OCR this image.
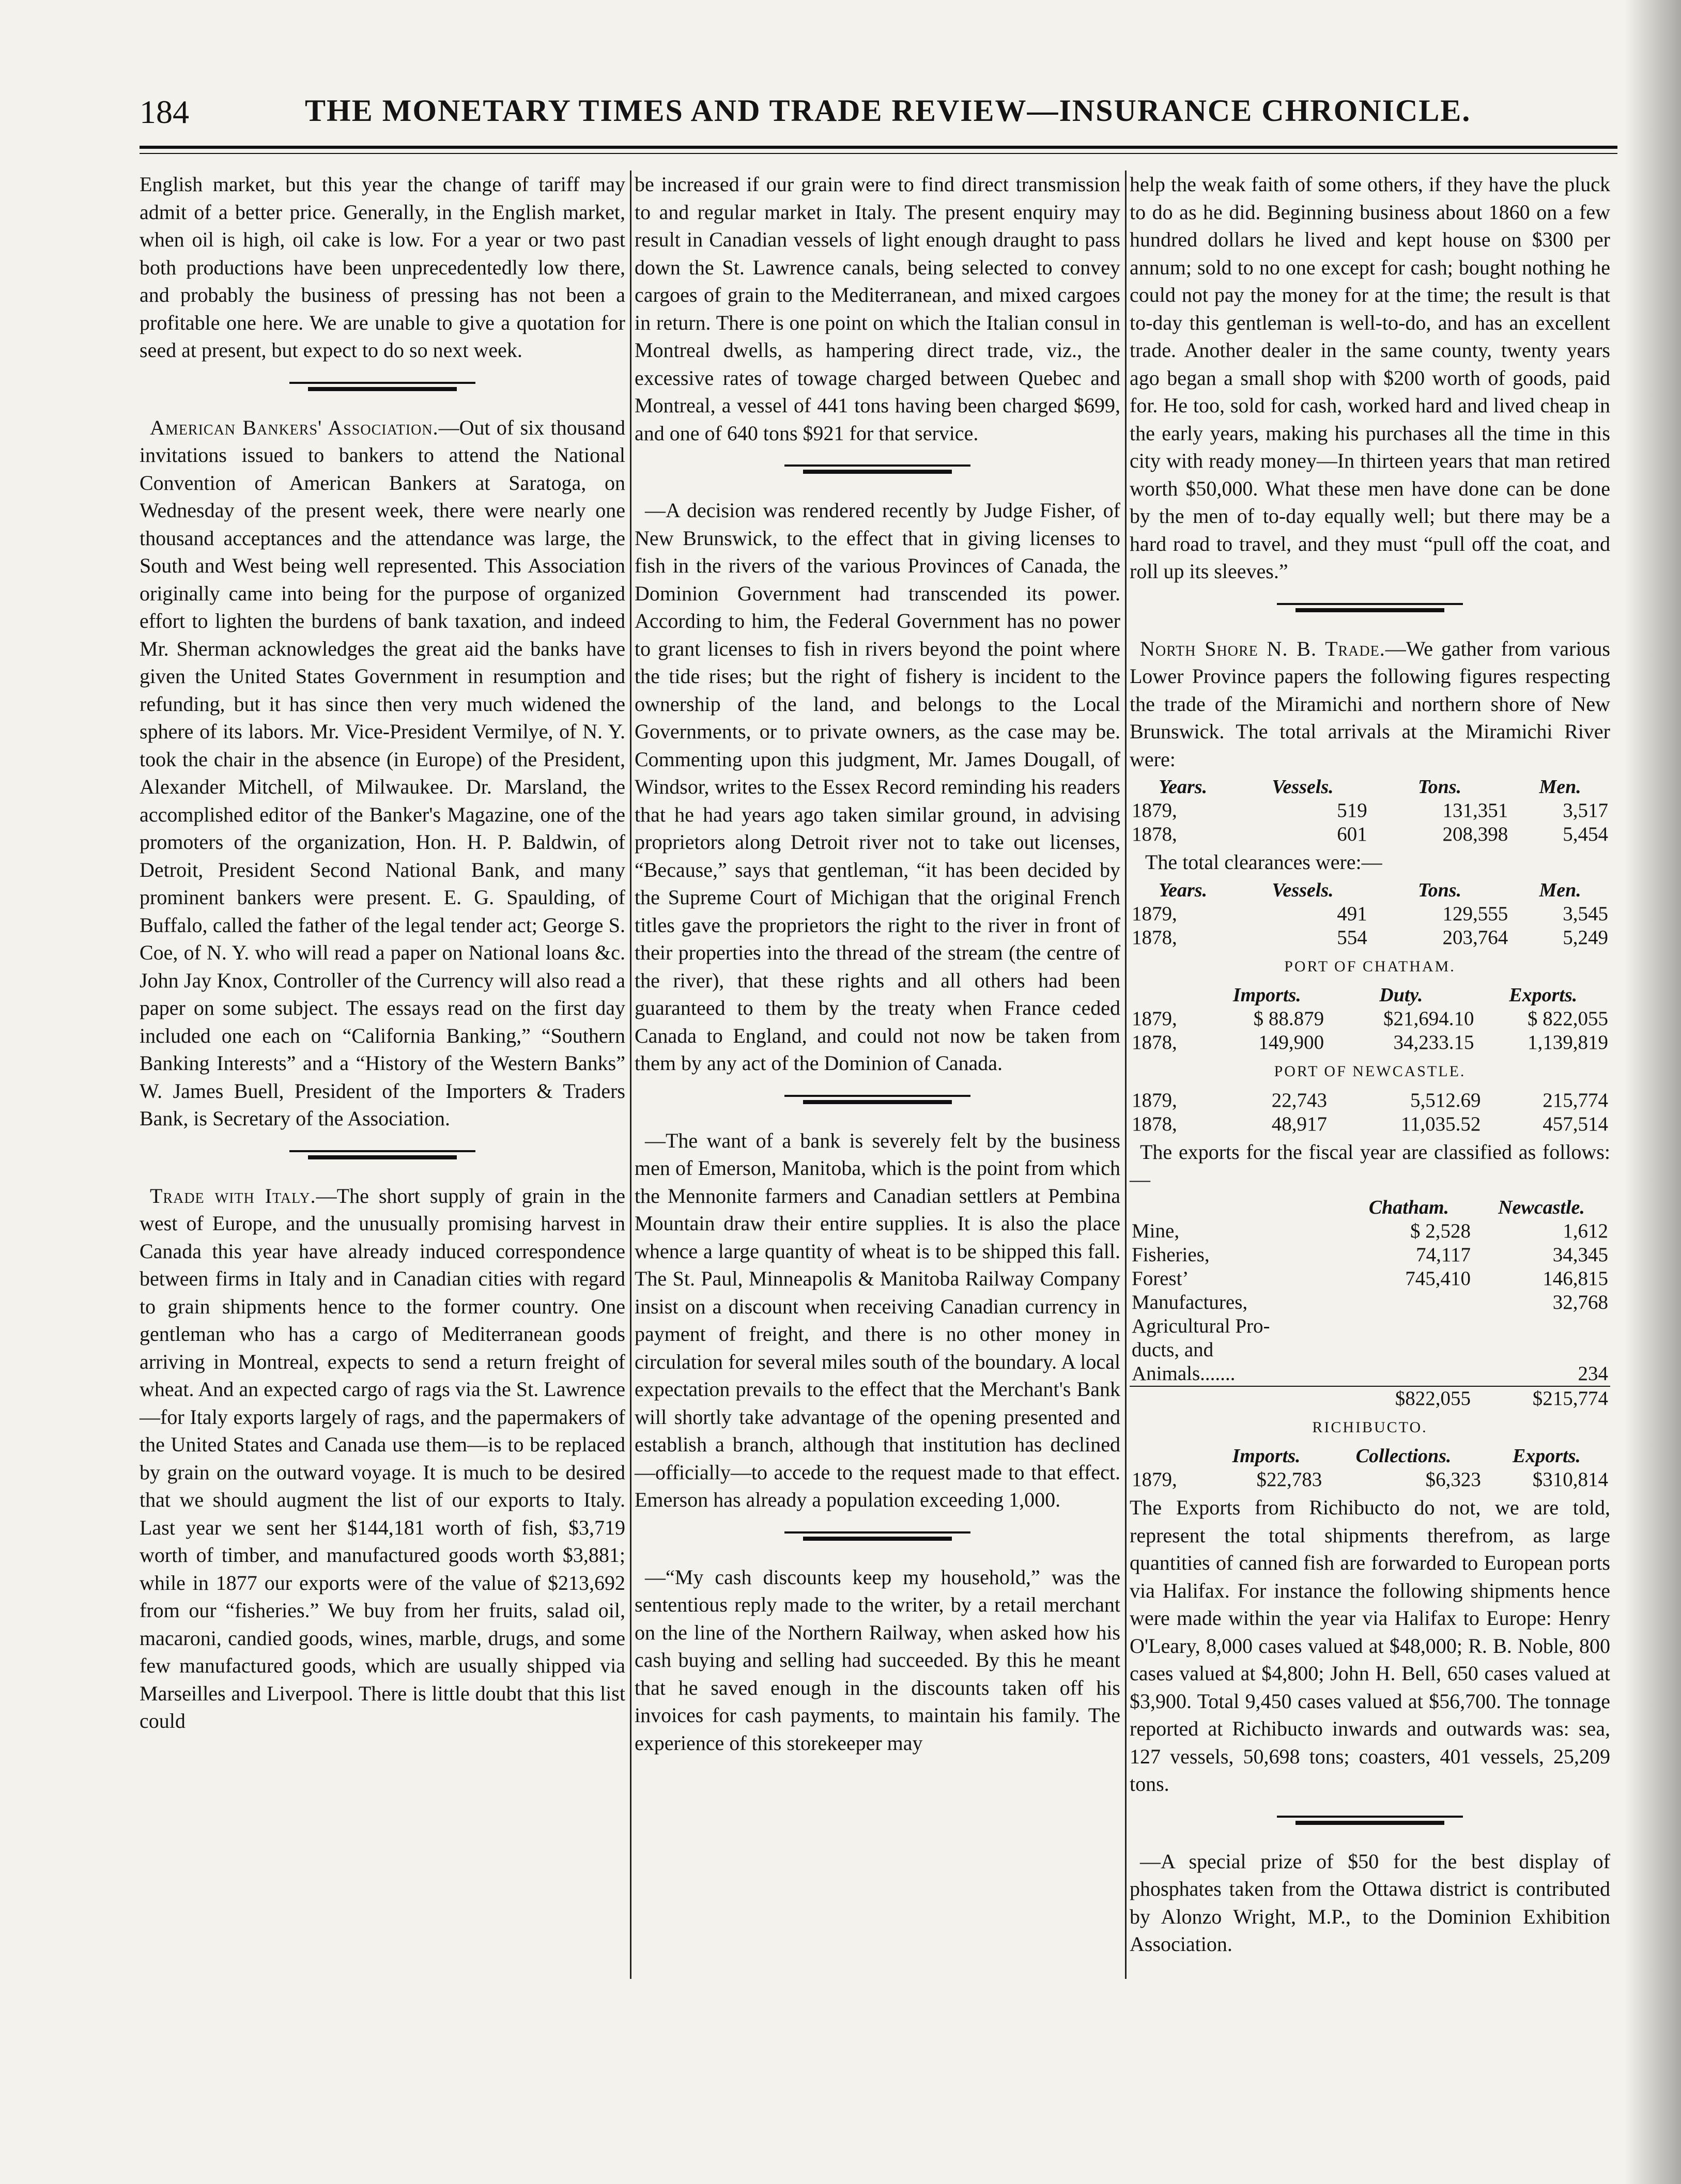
184	THE MONETARY TIMES AND TRADE REVIEW—INSURANCE CHRONICLE.

English market, but this year the change of tariff may admit of a better price. Generally, in the English market, when oil is high, oil cake is low. For a year or two past both productions have been unprecedentedly low there, and probably the business of pressing has not been a profitable one here. We are unable to give a quotation for seed at present, but expect to do so next week.

American Bankers' Association.—Out of six thousand invitations issued to bankers to attend the National Convention of American Bankers at Saratoga, on Wednesday of the present week, there were nearly one thousand acceptances and the attendance was large, the South and West being well represented. This Association originally came into being for the purpose of organized effort to lighten the burdens of bank taxation, and indeed Mr. Sherman acknowledges the great aid the banks have given the United States Government in resumption and refunding, but it has since then very much widened the sphere of its labors. Mr. Vice-President Vermilye, of N. Y. took the chair in the absence (in Europe) of the President, Alexander Mitchell, of Milwaukee. Dr. Marsland, the accomplished editor of the Banker's Magazine, one of the promoters of the organization, Hon. H. P. Baldwin, of Detroit, President Second National Bank, and many prominent bankers were present. E. G. Spaulding, of Buffalo, called the father of the legal tender act; George S. Coe, of N. Y. who will read a paper on National loans &c. John Jay Knox, Controller of the Currency will also read a paper on some subject. The essays read on the first day included one each on “California Banking,” “Southern Banking Interests” and a “History of the Western Banks” W. James Buell, President of the Importers & Traders Bank, is Secretary of the Association.

Trade with Italy.—The short supply of grain in the west of Europe, and the unusually promising harvest in Canada this year have already induced correspondence between firms in Italy and in Canadian cities with regard to grain shipments hence to the former country. One gentleman who has a cargo of Mediterranean goods arriving in Montreal, expects to send a return freight of wheat. And an expected cargo of rags via the St. Lawrence—for Italy exports largely of rags, and the papermakers of the United States and Canada use them—is to be replaced by grain on the outward voyage. It is much to be desired that we should augment the list of our exports to Italy. Last year we sent her $144,181 worth of fish, $3,719 worth of timber, and manufactured goods worth $3,881; while in 1877 our exports were of the value of $213,692 from our “fisheries.” We buy from her fruits, salad oil, macaroni, candied goods, wines, marble, drugs, and some few manufactured goods, which are usually shipped via Marseilles and Liverpool. There is little doubt that this list could

be increased if our grain were to find direct transmission to and regular market in Italy. The present enquiry may result in Canadian vessels of light enough draught to pass down the St. Lawrence canals, being selected to convey cargoes of grain to the Mediterranean, and mixed cargoes in return. There is one point on which the Italian consul in Montreal dwells, as hampering direct trade, viz., the excessive rates of towage charged between Quebec and Montreal, a vessel of 441 tons having been charged $699, and one of 640 tons $921 for that service.

—A decision was rendered recently by Judge Fisher, of New Brunswick, to the effect that in giving licenses to fish in the rivers of the various Provinces of Canada, the Dominion Government had transcended its power. According to him, the Federal Government has no power to grant licenses to fish in rivers beyond the point where the tide rises; but the right of fishery is incident to the ownership of the land, and belongs to the Local Governments, or to private owners, as the case may be. Commenting upon this judgment, Mr. James Dougall, of Windsor, writes to the Essex Record reminding his readers that he had years ago taken similar ground, in advising proprietors along Detroit river not to take out licenses, “Because,” says that gentleman, “it has been decided by the Supreme Court of Michigan that the original French titles gave the proprietors the right to the river in front of their properties into the thread of the stream (the centre of the river), that these rights and all others had been guaranteed to them by the treaty when France ceded Canada to England, and could not now be taken from them by any act of the Dominion of Canada.

—The want of a bank is severely felt by the business men of Emerson, Manitoba, which is the point from which the Mennonite farmers and Canadian settlers at Pembina Mountain draw their entire supplies. It is also the place whence a large quantity of wheat is to be shipped this fall. The St. Paul, Minneapolis & Manitoba Railway Company insist on a discount when receiving Canadian currency in payment of freight, and there is no other money in circulation for several miles south of the boundary. A local expectation prevails to the effect that the Merchant's Bank will shortly take advantage of the opening presented and establish a branch, although that institution has declined —officially—to accede to the request made to that effect. Emerson has already a population exceeding 1,000.

—“My cash discounts keep my household,” was the sententious reply made to the writer, by a retail merchant on the line of the Northern Railway, when asked how his cash buying and selling had succeeded. By this he meant that he saved enough in the discounts taken off his invoices for cash payments, to maintain his family. The experience of this storekeeper may

help the weak faith of some others, if they have the pluck to do as he did. Beginning business about 1860 on a few hundred dollars he lived and kept house on $300 per annum; sold to no one except for cash; bought nothing he could not pay the money for at the time; the result is that to-day this gentleman is well-to-do, and has an excellent trade. Another dealer in the same county, twenty years ago began a small shop with $200 worth of goods, paid for. He too, sold for cash, worked hard and lived cheap in the early years, making his purchases all the time in this city with ready money—In thirteen years that man retired worth $50,000. What these men have done can be done by the men of to-day equally well; but there may be a hard road to travel, and they must “pull off the coat, and roll up its sleeves.”

North Shore N. B. Trade.—We gather from various Lower Province papers the following figures respecting the trade of the Miramichi and northern shore of New Brunswick. The total arrivals at the Miramichi River were:

Years.	Vessels.	Tons.	Men.
1879,	519	131,351	3,517
1878,	601	208,398	5,454
The total clearances were:—
Years.	Vessels.	Tons.	Men.
1879,	491	129,555	3,545
1878,	554	203,764	5,249
PORT OF CHATHAM.
	Imports.	Duty.	Exports.
1879,	$ 88.879	$21,694.10	$ 822,055
1878,	149,900	34,233.15	1,139,819
PORT OF NEWCASTLE.
1879,	22,743	5,512.69	215,774
1878,	48,917	11,035.52	457,514

The exports for the fiscal year are classified as follows:—

	Chatham.	Newcastle.
Mine,	$ 2,528	1,612
Fisheries,	74,117	34,345
Forest’	745,410	146,815
Manufactures,		32,768
Agricultural Pro-		
ducts, and		
Animals.......		234
	$822,055	$215,774
RICHIBUCTO.
	Imports.	Collections.	Exports.
1879,	$22,783	$6,323	$310,814

The Exports from Richibucto do not, we are told, represent the total shipments therefrom, as large quantities of canned fish are forwarded to European ports via Halifax. For instance the following shipments hence were made within the year via Halifax to Europe: Henry O'Leary, 8,000 cases valued at $48,000; R. B. Noble, 800 cases valued at $4,800; John H. Bell, 650 cases valued at $3,900. Total 9,450 cases valued at $56,700. The tonnage reported at Richibucto inwards and outwards was: sea, 127 vessels, 50,698 tons; coasters, 401 vessels, 25,209 tons.

—A special prize of $50 for the best display of phosphates taken from the Ottawa district is contributed by Alonzo Wright, M.P., to the Dominion Exhibition Association.
